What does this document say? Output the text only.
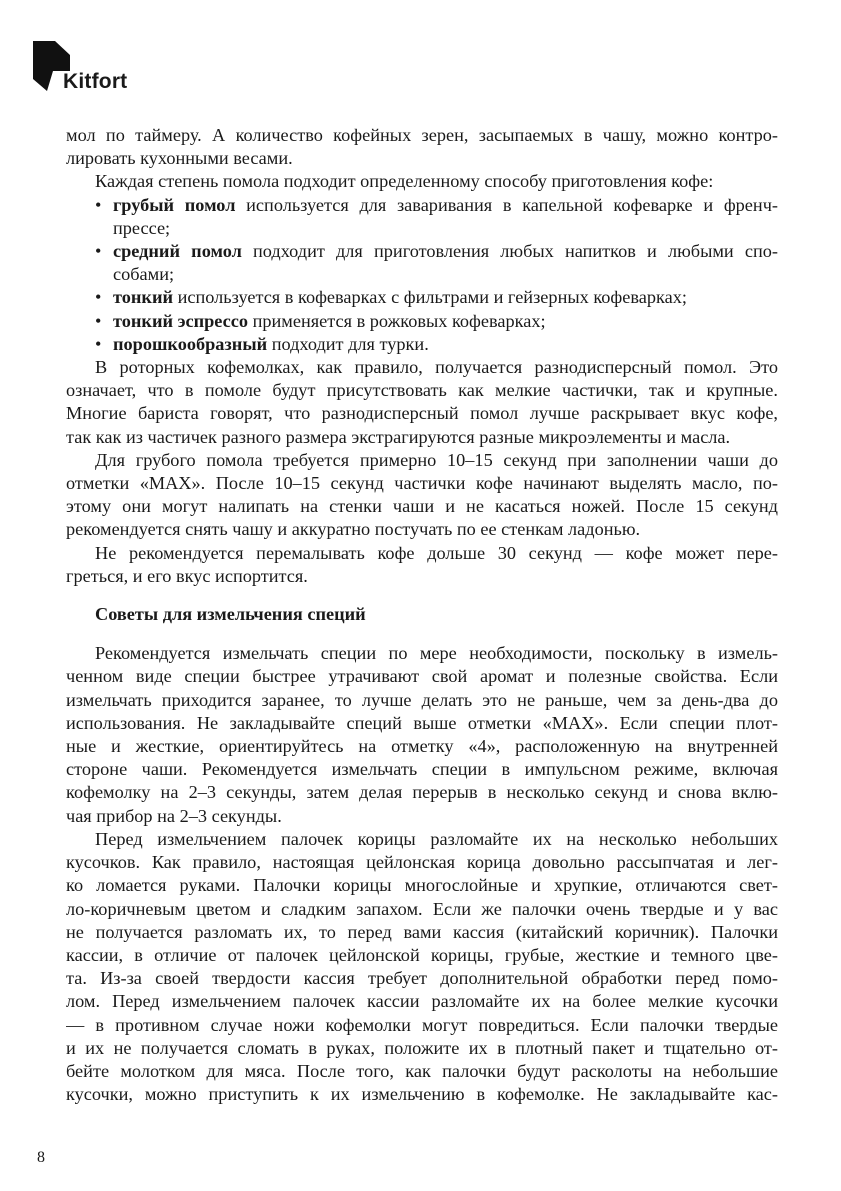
Kitfort
мол по таймеру. А количество кофейных зерен, засыпаемых в чашу, можно контро-
лировать кухонными весами.
Каждая степень помола подходит определенному способу приготовления кофе:
• грубый помол используется для заваривания в капельной кофеварке и френч-
прессе;
• средний помол подходит для приготовления любых напитков и любыми спо-
собами;
• тонкий используется в кофеварках с фильтрами и гейзерных кофеварках;
• тонкий эспрессо применяется в рожковых кофеварках;
• порошкообразный подходит для турки.
В роторных кофемолках, как правило, получается разнодисперсный помол. Это
означает, что в помоле будут присутствовать как мелкие частички, так и крупные.
Многие бариста говорят, что разнодисперсный помол лучше раскрывает вкус кофе,
так как из частичек разного размера экстрагируются разные микроэлементы и масла.
Для грубого помола требуется примерно 10–15 секунд при заполнении чаши до
отметки «MAX». После 10–15 секунд частички кофе начинают выделять масло, по-
этому они могут налипать на стенки чаши и не касаться ножей. После 15 секунд
рекомендуется снять чашу и аккуратно постучать по ее стенкам ладонью.
Не рекомендуется перемалывать кофе дольше 30 секунд — кофе может пере-
греться, и его вкус испортится.
Советы для измельчения специй
Рекомендуется измельчать специи по мере необходимости, поскольку в измель-
ченном виде специи быстрее утрачивают свой аромат и полезные свойства. Если
измельчать приходится заранее, то лучше делать это не раньше, чем за день-два до
использования. Не закладывайте специй выше отметки «MAX». Если специи плот-
ные и жесткие, ориентируйтесь на отметку «4», расположенную на внутренней
стороне чаши. Рекомендуется измельчать специи в импульсном режиме, включая
кофемолку на 2–3 секунды, затем делая перерыв в несколько секунд и снова вклю-
чая прибор на 2–3 секунды.
Перед измельчением палочек корицы разломайте их на несколько небольших
кусочков. Как правило, настоящая цейлонская корица довольно рассыпчатая и лег-
ко ломается руками. Палочки корицы многослойные и хрупкие, отличаются свет-
ло-коричневым цветом и сладким запахом. Если же палочки очень твердые и у вас
не получается разломать их, то перед вами кассия (китайский коричник). Палочки
кассии, в отличие от палочек цейлонской корицы, грубые, жесткие и темного цве-
та. Из-за своей твердости кассия требует дополнительной обработки перед помо-
лом. Перед измельчением палочек кассии разломайте их на более мелкие кусочки
— в противном случае ножи кофемолки могут повредиться. Если палочки твердые
и их не получается сломать в руках, положите их в плотный пакет и тщательно от-
бейте молотком для мяса. После того, как палочки будут расколоты на небольшие
кусочки, можно приступить к их измельчению в кофемолке. Не закладывайте кас-
8
